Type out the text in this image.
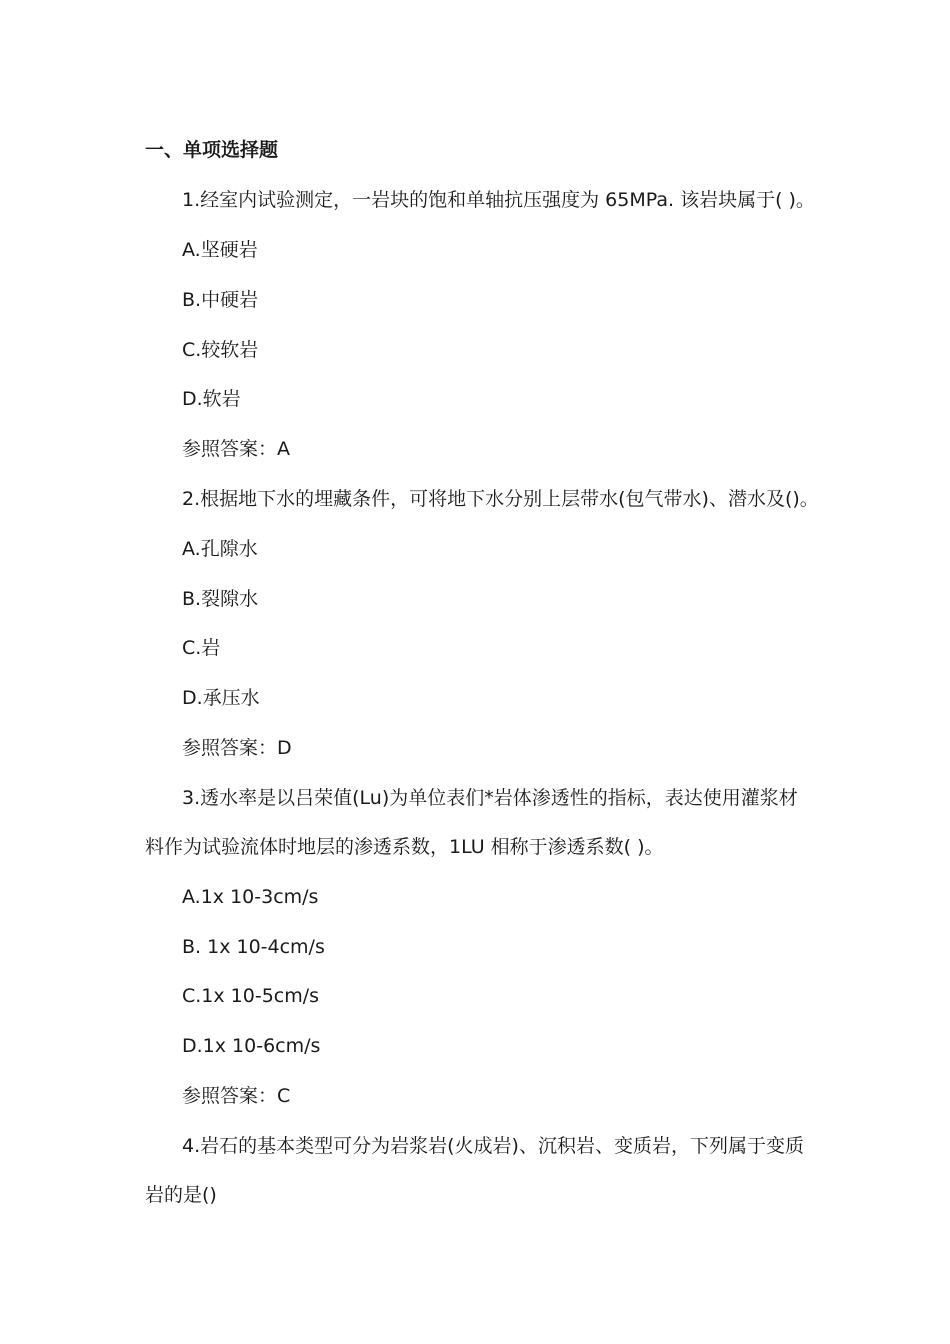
一、单项选择题
1.经室内试验测定，一岩块的饱和单轴抗压强度为 65MPa. 该岩块属于( )。
A.坚硬岩
B.中硬岩
C.较软岩
D.软岩
参照答案：A
2.根据地下水的埋藏条件，可将地下水分别上层带水(包气带水)、潜水及()。
A.孔隙水
B.裂隙水
C.岩
D.承压水
参照答案：D
3.透水率是以吕荣值(Lu)为单位表们*岩体渗透性的指标，表达使用灌浆材
料作为试验流体时地层的渗透系数，1LU 相称于渗透系数( )。
A.1x 10-3cm/s
B. 1x 10-4cm/s
C.1x 10-5cm/s
D.1x 10-6cm/s
参照答案：C
4.岩石的基本类型可分为岩浆岩(火成岩)、沉积岩、变质岩，下列属于变质
岩的是()
